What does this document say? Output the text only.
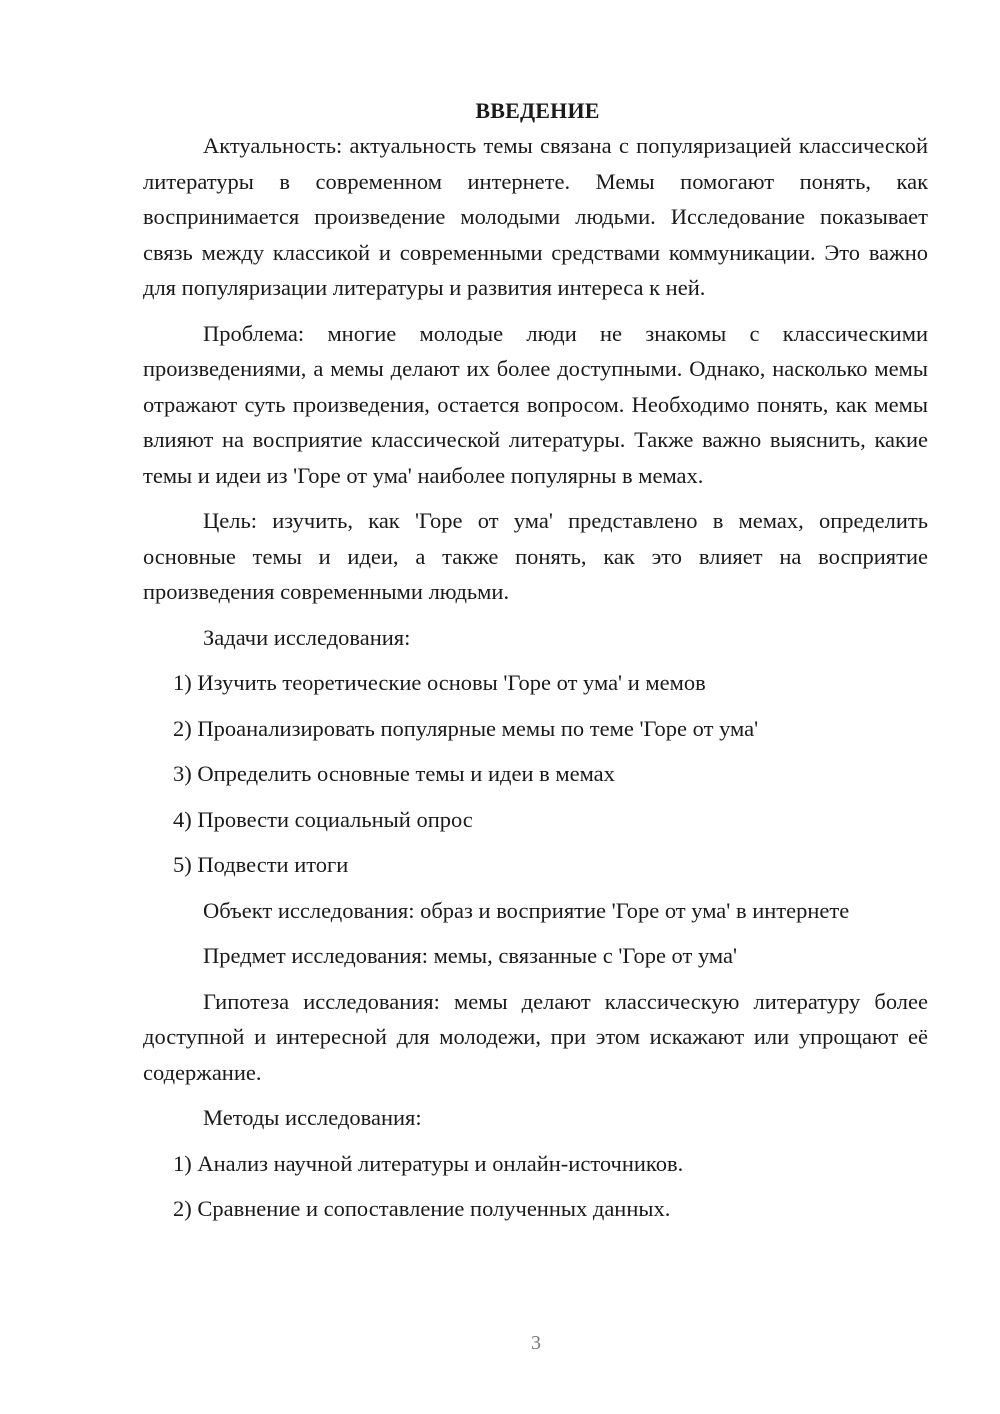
ВВЕДЕНИЕ

Актуальность: актуальность темы связана с популяризацией классической литературы в современном интернете. Мемы помогают понять, как воспринимается произведение молодыми людьми. Исследование показывает связь между классикой и современными средствами коммуникации. Это важно для популяризации литературы и развития интереса к ней.

Проблема: многие молодые люди не знакомы с классическими произведениями, а мемы делают их более доступными. Однако, насколько мемы отражают суть произведения, остается вопросом. Необходимо понять, как мемы влияют на восприятие классической литературы. Также важно выяснить, какие темы и идеи из 'Горе от ума' наиболее популярны в мемах.

Цель: изучить, как 'Горе от ума' представлено в мемах, определить основные темы и идеи, а также понять, как это влияет на восприятие произведения современными людьми.

Задачи исследования:

1) Изучить теоретические основы 'Горе от ума' и мемов
2) Проанализировать популярные мемы по теме 'Горе от ума'
3) Определить основные темы и идеи в мемах
4) Провести социальный опрос
5) Подвести итоги

Объект исследования: образ и восприятие 'Горе от ума' в интернете

Предмет исследования: мемы, связанные с 'Горе от ума'

Гипотеза исследования: мемы делают классическую литературу более доступной и интересной для молодежи, при этом искажают или упрощают её содержание.

Методы исследования:

1) Анализ научной литературы и онлайн-источников.
2) Сравнение и сопоставление полученных данных.
3
